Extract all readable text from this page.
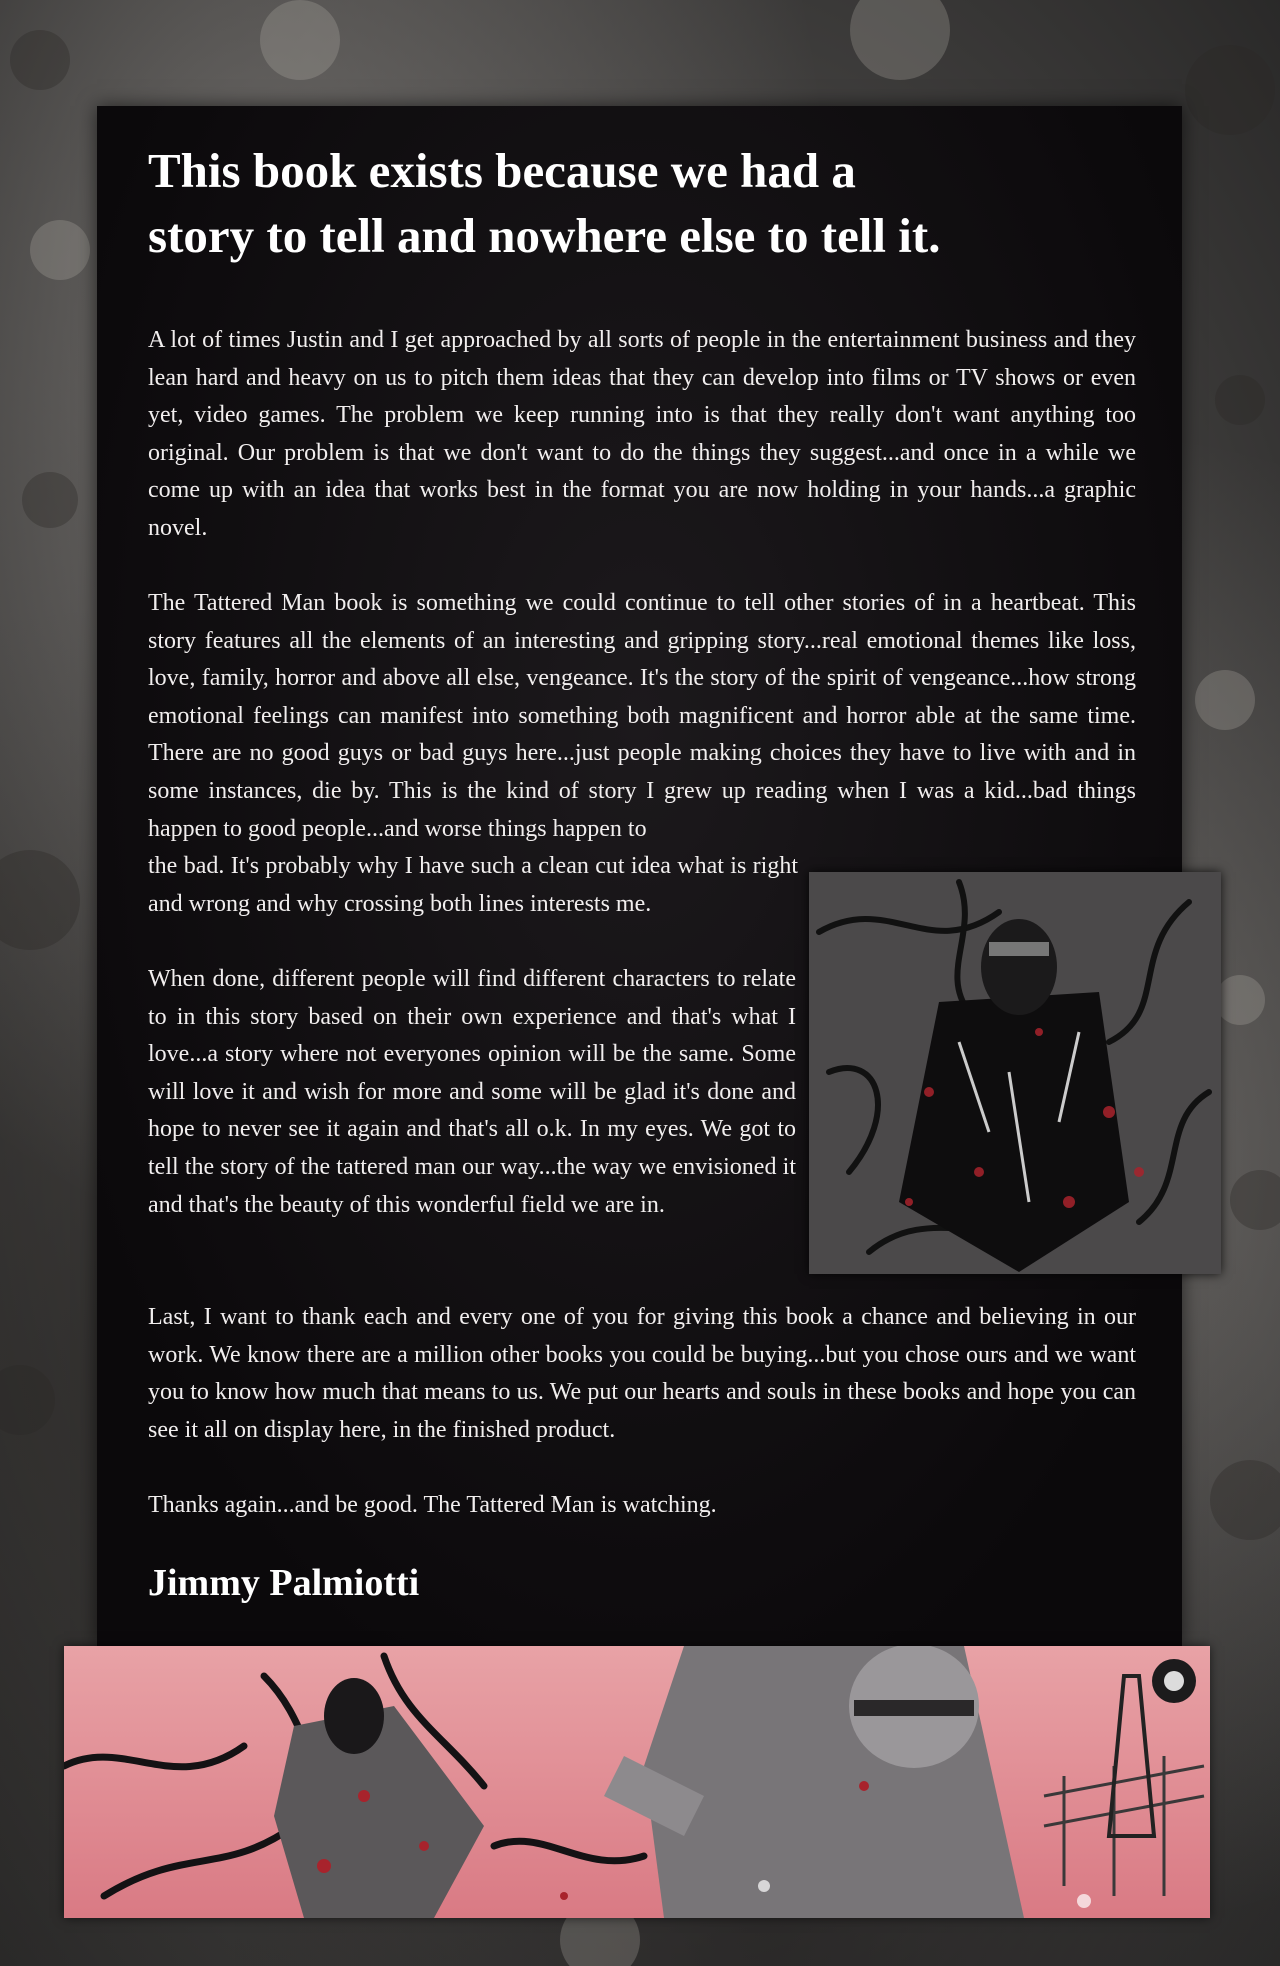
This book exists because we had a
story to tell and nowhere else to tell it.

A lot of times Justin and I get approached by all sorts of people in the entertainment business and they lean hard and heavy on us to pitch them ideas that they can develop into films or TV shows or even yet, video games. The problem we keep running into is that they really don't want anything too original. Our problem is that we don't want to do the things they suggest...and once in a while we come up with an idea that works best in the format you are now holding in your hands...a graphic novel.

The Tattered Man book is something we could continue to tell other stories of in a heartbeat. This story features all the elements of an interesting and gripping story...real emotional themes like loss, love, family, horror and above all else, vengeance. It's the story of the spirit of vengeance...how strong emotional feelings can manifest into something both magnificent and horror able at the same time. There are no good guys or bad guys here...just people making choices they have to live with and in some instances, die by. This is the kind of story I grew up reading when I was a kid...bad things happen to good people...and worse things happen to

the bad. It's probably why I have such a clean cut idea what is right and wrong and why crossing both lines interests me.

When done, different people will find different characters to relate to in this story based on their own experience and that's what I love...a story where not everyones opinion will be the same. Some will love it and wish for more and some will be glad it's done and hope to never see it again and that's all o.k. In my eyes. We got to tell the story of the tattered man our way...the way we envisioned it and that's the beauty of this wonderful field we are in.

Last, I want to thank each and every one of you for giving this book a chance and believing in our work. We know there are a million other books you could be buying...but you chose ours and we want you to know how much that means to us. We put our hearts and souls in these books and hope you can see it all on display here, in the finished product.

Thanks again...and be good. The Tattered Man is watching.

Jimmy Palmiotti
